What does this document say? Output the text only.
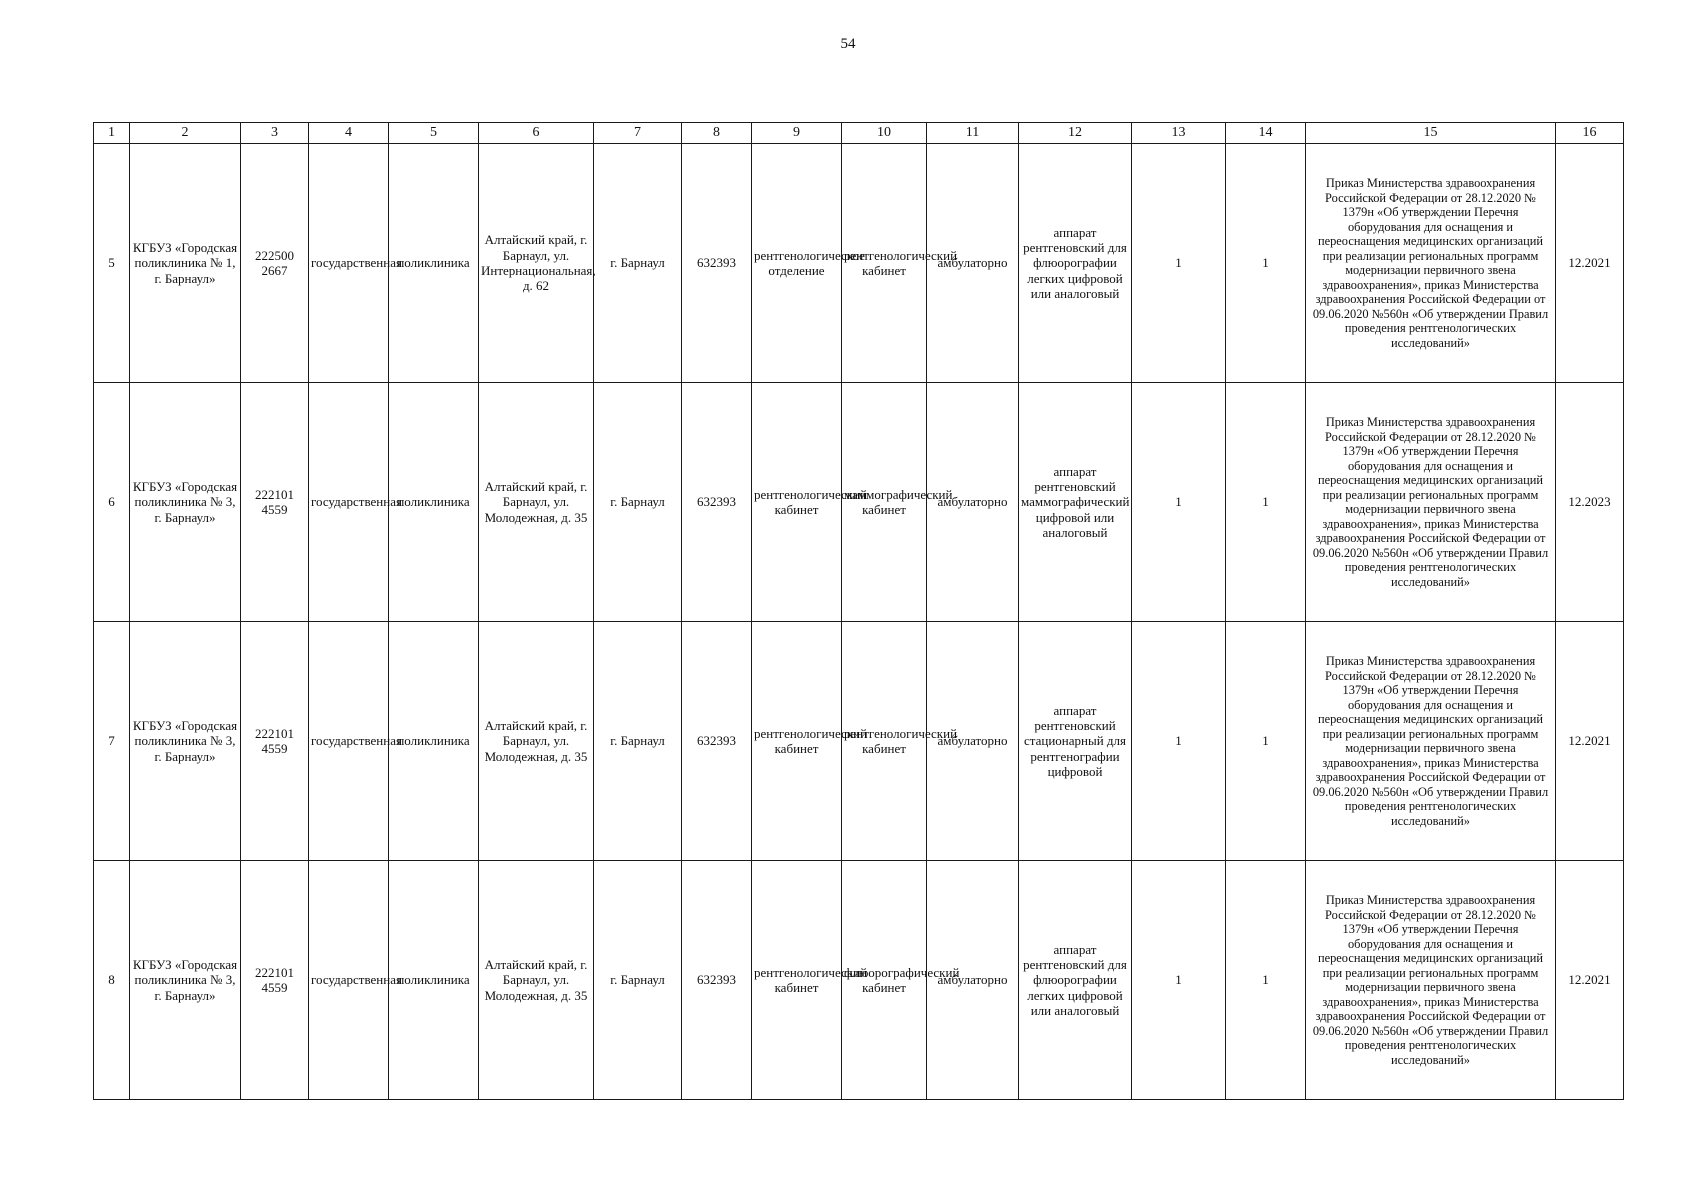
54
1	2	3	4	5	6	7	8	9	10	11	12	13	14	15	16
5	КГБУЗ «Городская поликлиника № 1, г. Барнаул»	222500 2667	государственная	поликлиника	Алтайский край, г. Барнаул, ул. Интернациональная, д. 62	г. Барнаул	632393	рентгенологическое отделение	рентгенологический кабинет	амбулаторно	аппарат рентгеновский для флюорографии легких цифровой или аналоговый	1	1	Приказ Министерства здравоохранения Российской Федерации от 28.12.2020 № 1379н «Об утверждении Перечня оборудования для оснащения и переоснащения медицинских организаций при реализации региональных программ модернизации первичного звена здравоохранения», приказ Министерства здравоохранения Российской Федерации от 09.06.2020 №560н «Об утверждении Правил проведения рентгенологических исследований»	12.2021
6	КГБУЗ «Городская поликлиника № 3, г. Барнаул»	222101 4559	государственная	поликлиника	Алтайский край, г. Барнаул, ул. Молодежная, д. 35	г. Барнаул	632393	рентгенологический кабинет	маммографический кабинет	амбулаторно	аппарат рентгеновский маммографический цифровой или аналоговый	1	1	Приказ Министерства здравоохранения Российской Федерации от 28.12.2020 № 1379н «Об утверждении Перечня оборудования для оснащения и переоснащения медицинских организаций при реализации региональных программ модернизации первичного звена здравоохранения», приказ Министерства здравоохранения Российской Федерации от 09.06.2020 №560н «Об утверждении Правил проведения рентгенологических исследований»	12.2023
7	КГБУЗ «Городская поликлиника № 3, г. Барнаул»	222101 4559	государственная	поликлиника	Алтайский край, г. Барнаул, ул. Молодежная, д. 35	г. Барнаул	632393	рентгенологический кабинет	рентгенологический кабинет	амбулаторно	аппарат рентгеновский стационарный для рентгенографии цифровой	1	1	Приказ Министерства здравоохранения Российской Федерации от 28.12.2020 № 1379н «Об утверждении Перечня оборудования для оснащения и переоснащения медицинских организаций при реализации региональных программ модернизации первичного звена здравоохранения», приказ Министерства здравоохранения Российской Федерации от 09.06.2020 №560н «Об утверждении Правил проведения рентгенологических исследований»	12.2021
8	КГБУЗ «Городская поликлиника № 3, г. Барнаул»	222101 4559	государственная	поликлиника	Алтайский край, г. Барнаул, ул. Молодежная, д. 35	г. Барнаул	632393	рентгенологический кабинет	флюорографический кабинет	амбулаторно	аппарат рентгеновский для флюорографии легких цифровой или аналоговый	1	1	Приказ Министерства здравоохранения Российской Федерации от 28.12.2020 № 1379н «Об утверждении Перечня оборудования для оснащения и переоснащения медицинских организаций при реализации региональных программ модернизации первичного звена здравоохранения», приказ Министерства здравоохранения Российской Федерации от 09.06.2020 №560н «Об утверждении Правил проведения рентгенологических исследований»	12.2021
